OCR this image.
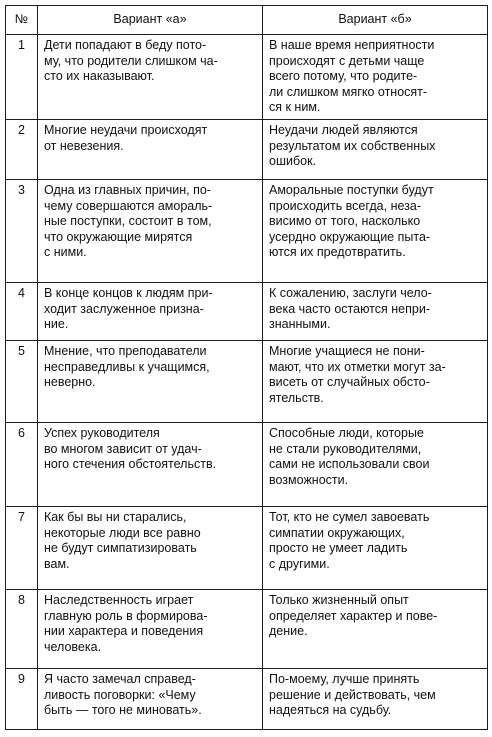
№	Вариант «а»	Вариант «б»
1	Дети попадают в беду пото-
му, что родители слишком ча-
сто их наказывают.	В наше время неприятности
происходят с детьми чаще
всего потому, что родите-
ли слишком мягко относят-
ся к ним.
2	Многие неудачи происходят
от невезения.	Неудачи людей являются
результатом их собственных
ошибок.
3	Одна из главных причин, по-
чему совершаются амораль-
ные поступки, состоит в том,
что окружающие мирятся
с ними.	Аморальные поступки будут
происходить всегда, неза-
висимо от того, насколько
усердно окружающие пыта-
ются их предотвратить.
4	В конце концов к людям при-
ходит заслуженное призна-
ние.	К сожалению, заслуги чело-
века часто остаются непри-
знанными.
5	Мнение, что преподаватели
несправедливы к учащимся,
неверно.	Многие учащиеся не пони-
мают, что их отметки могут за-
висеть от случайных обсто-
ятельств.
6	Успех руководителя
во многом зависит от удач-
ного стечения обстоятельств.	Способные люди, которые
не стали руководителями,
сами не использовали свои
возможности.
7	Как бы вы ни старались,
некоторые люди все равно
не будут симпатизировать
вам.	Тот, кто не сумел завоевать
симпатии окружающих,
просто не умеет ладить
с другими.
8	Наследственность играет
главную роль в формирова-
нии характера и поведения
человека.	Только жизненный опыт
определяет характер и пове-
дение.
9	Я часто замечал справед-
ливость поговорки: «Чему
быть — того не миновать».	По-моему, лучше принять
решение и действовать, чем
надеяться на судьбу.
